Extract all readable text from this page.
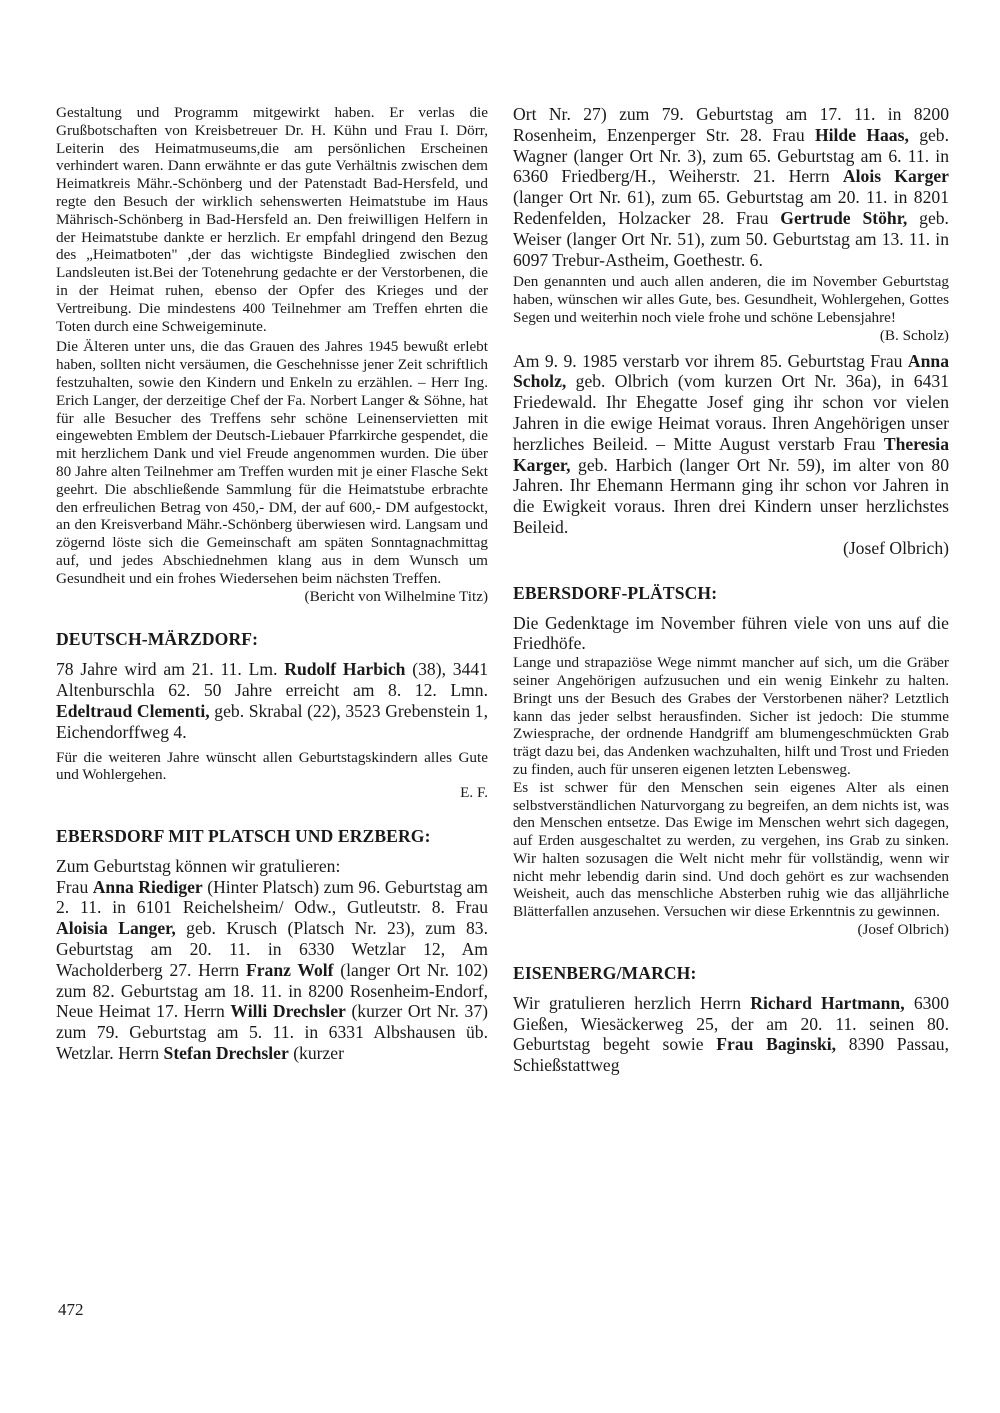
Gestaltung und Programm mitgewirkt haben. Er verlas die Grußbotschaften von Kreisbetreuer Dr. H. Kühn und Frau I. Dörr, Leiterin des Heimatmuseums,die am persönlichen Erscheinen verhindert waren. Dann erwähnte er das gute Verhältnis zwischen dem Heimatkreis Mähr.-Schönberg und der Patenstadt Bad-Hersfeld, und regte den Besuch der wirklich sehenswerten Heimatstube im Haus Mährisch-Schönberg in Bad-Hersfeld an. Den freiwilligen Helfern in der Heimatstube dankte er herzlich. Er empfahl dringend den Bezug des „Heimatboten" ,der das wichtigste Bindeglied zwischen den Landsleuten ist.Bei der Totenehrung gedachte er der Verstorbenen, die in der Heimat ruhen, ebenso der Opfer des Krieges und der Vertreibung. Die mindestens 400 Teilnehmer am Treffen ehrten die Toten durch eine Schweigeminute.

Die Älteren unter uns, die das Grauen des Jahres 1945 bewußt erlebt haben, sollten nicht versäumen, die Geschehnisse jener Zeit schriftlich festzuhalten, sowie den Kindern und Enkeln zu erzählen. – Herr Ing. Erich Langer, der derzeitige Chef der Fa. Norbert Langer & Söhne, hat für alle Besucher des Treffens sehr schöne Leinenservietten mit eingewebten Emblem der Deutsch-Liebauer Pfarrkirche gespendet, die mit herzlichem Dank und viel Freude angenommen wurden. Die über 80 Jahre alten Teilnehmer am Treffen wurden mit je einer Flasche Sekt geehrt. Die abschließende Sammlung für die Heimatstube erbrachte den erfreulichen Betrag von 450,- DM, der auf 600,- DM aufgestockt, an den Kreisverband Mähr.-Schönberg überwiesen wird. Langsam und zögernd löste sich die Gemeinschaft am späten Sonntagnachmittag auf, und jedes Abschiednehmen klang aus in dem Wunsch um Gesundheit und ein frohes Wiedersehen beim nächsten Treffen.

(Bericht von Wilhelmine Titz)

DEUTSCH-MÄRZDORF:

78 Jahre wird am 21. 11. Lm. Rudolf Harbich (38), 3441 Altenburschla 62. 50 Jahre erreicht am 8. 12. Lmn. Edeltraud Clementi, geb. Skrabal (22), 3523 Grebenstein 1, Eichendorffweg 4.

Für die weiteren Jahre wünscht allen Geburtstagskindern alles Gute und Wohlergehen.

E. F.

EBERSDORF MIT PLATSCH UND ERZBERG:

Zum Geburtstag können wir gratulieren:

Frau Anna Riediger (Hinter Platsch) zum 96. Geburtstag am 2. 11. in 6101 Reichelsheim/ Odw., Gutleutstr. 8. Frau Aloisia Langer, geb. Krusch (Platsch Nr. 23), zum 83. Geburtstag am 20. 11. in 6330 Wetzlar 12, Am Wacholderberg 27. Herrn Franz Wolf (langer Ort Nr. 102) zum 82. Geburtstag am 18. 11. in 8200 Rosenheim-Endorf, Neue Heimat 17. Herrn Willi Drechsler (kurzer Ort Nr. 37) zum 79. Geburtstag am 5. 11. in 6331 Albshausen üb. Wetzlar. Herrn Stefan Drechsler (kurzer

Ort Nr. 27) zum 79. Geburtstag am 17. 11. in 8200 Rosenheim, Enzenperger Str. 28. Frau Hilde Haas, geb. Wagner (langer Ort Nr. 3), zum 65. Geburtstag am 6. 11. in 6360 Friedberg/H., Weiherstr. 21. Herrn Alois Karger (langer Ort Nr. 61), zum 65. Geburtstag am 20. 11. in 8201 Redenfelden, Holzacker 28. Frau Gertrude Stöhr, geb. Weiser (langer Ort Nr. 51), zum 50. Geburtstag am 13. 11. in 6097 Trebur-Astheim, Goethestr. 6.

Den genannten und auch allen anderen, die im November Geburtstag haben, wünschen wir alles Gute, bes. Gesundheit, Wohlergehen, Gottes Segen und weiterhin noch viele frohe und schöne Lebensjahre!

(B. Scholz)

Am 9. 9. 1985 verstarb vor ihrem 85. Geburtstag Frau Anna Scholz, geb. Olbrich (vom kurzen Ort Nr. 36a), in 6431 Friedewald. Ihr Ehegatte Josef ging ihr schon vor vielen Jahren in die ewige Heimat voraus. Ihren Angehörigen unser herzliches Beileid. – Mitte August verstarb Frau Theresia Karger, geb. Harbich (langer Ort Nr. 59), im alter von 80 Jahren. Ihr Ehemann Hermann ging ihr schon vor Jahren in die Ewigkeit voraus. Ihren drei Kindern unser herzlichstes Beileid.

(Josef Olbrich)

EBERSDORF-PLÄTSCH:

Die Gedenktage im November führen viele von uns auf die Friedhöfe.

Lange und strapaziöse Wege nimmt mancher auf sich, um die Gräber seiner Angehörigen aufzusuchen und ein wenig Einkehr zu halten. Bringt uns der Besuch des Grabes der Verstorbenen näher? Letztlich kann das jeder selbst herausfinden. Sicher ist jedoch: Die stumme Zwiesprache, der ordnende Handgriff am blumengeschmückten Grab trägt dazu bei, das Andenken wachzuhalten, hilft und Trost und Frieden zu finden, auch für unseren eigenen letzten Lebensweg.

Es ist schwer für den Menschen sein eigenes Alter als einen selbstverständlichen Naturvorgang zu begreifen, an dem nichts ist, was den Menschen entsetze. Das Ewige im Menschen wehrt sich dagegen, auf Erden ausgeschaltet zu werden, zu vergehen, ins Grab zu sinken. Wir halten sozusagen die Welt nicht mehr für vollständig, wenn wir nicht mehr lebendig darin sind. Und doch gehört es zur wachsenden Weisheit, auch das menschliche Absterben ruhig wie das alljährliche Blätterfallen anzusehen. Versuchen wir diese Erkenntnis zu gewinnen.

(Josef Olbrich)

EISENBERG/MARCH:

Wir gratulieren herzlich Herrn Richard Hartmann, 6300 Gießen, Wiesäckerweg 25, der am 20. 11. seinen 80. Geburtstag begeht sowie Frau Baginski, 8390 Passau, Schießstattweg

472
